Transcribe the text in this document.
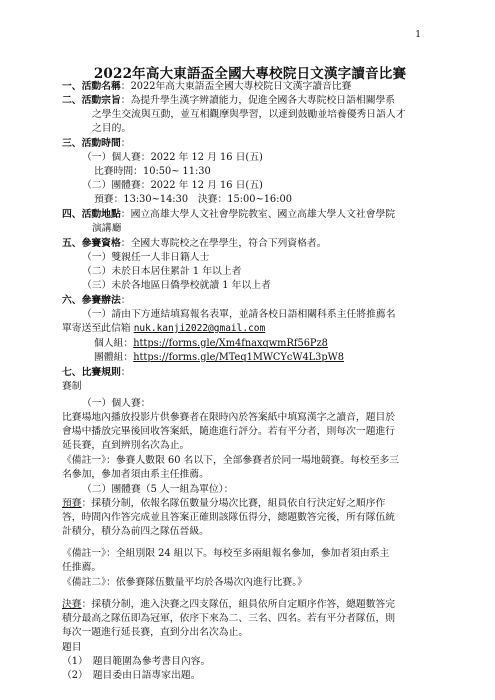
1
2022年高大東語盃全國大專校院日文漢字讀音比賽
一、活動名稱：2022年高大東語盃全國大專校院日文漢字讀音比賽
二、活動宗旨：為提升學生漢字辨讀能力，促進全國各大專院校日語相關學系
之學生交流與互動，並互相觀摩與學習，以達到鼓勵並培養優秀日語人才
之目的。
三、活動時間：
（一）個人賽：2022 年 12 月 16 日(五)
比賽時間：10:50~ 11:30
（二）團體賽：2022 年 12 月 16 日(五)
預賽：13:30~14:30　決賽：15:00~16:00
四、活動地點：國立高雄大學人文社會學院教室、國立高雄大學人文社會學院
演講廳
五、參賽資格：全國大專院校之在學學生，符合下列資格者。
（一）雙親任一人非日籍人士
（二）未於日本居住累計 1 年以上者
（三）未於各地區日僑學校就讀 1 年以上者
六、參賽辦法：
（一）請由下方連結填寫報名表單，並請各校日語相關科系主任將推薦名
單寄送至此信箱 nuk.kanji2022@gmail.com
個人組：https://forms.gle/Xm4fnaxqwmRf56Pz8
團體組：https://forms.gle/MTeq1MWCYcW4L3pW8
七、比賽規則：
賽制
（一）個人賽：
比賽場地內播放投影片供參賽者在限時內於答案紙中填寫漢字之讀音，題目於
會場中播放完畢後回收答案紙，隨進進行評分。若有平分者，則每次一題進行
延長賽，直到辨別名次為止。
《備註一》：參賽人數限 60 名以下，全部參賽者於同一場地競賽。每校至多三
名參加，參加者須由系主任推薦。
（二）團體賽（5 人一組為單位）：
預賽：採積分制，依報名隊伍數量分場次比賽，組員依自行決定好之順序作
答，時間內作答完成並且答案正確則該隊伍得分，總題數答完後，所有隊伍統
計積分，積分為前四之隊伍晉級。
《備註一》：全組別限 24 組以下。每校至多兩組報名參加，參加者須由系主
任推薦。
《備註二》：依參賽隊伍數量平均於各場次內進行比賽。》
決賽：採積分制，進入決賽之四支隊伍，組員依所自定順序作答，總題數答完
積分最高之隊伍即為冠軍，依序下來為二、三名、四名。若有平分者隊伍，則
每次一題進行延長賽，直到分出名次為止。
題目
（1）　題目範圍為參考書目內容。
（2）　題目委由日語專家出題。
